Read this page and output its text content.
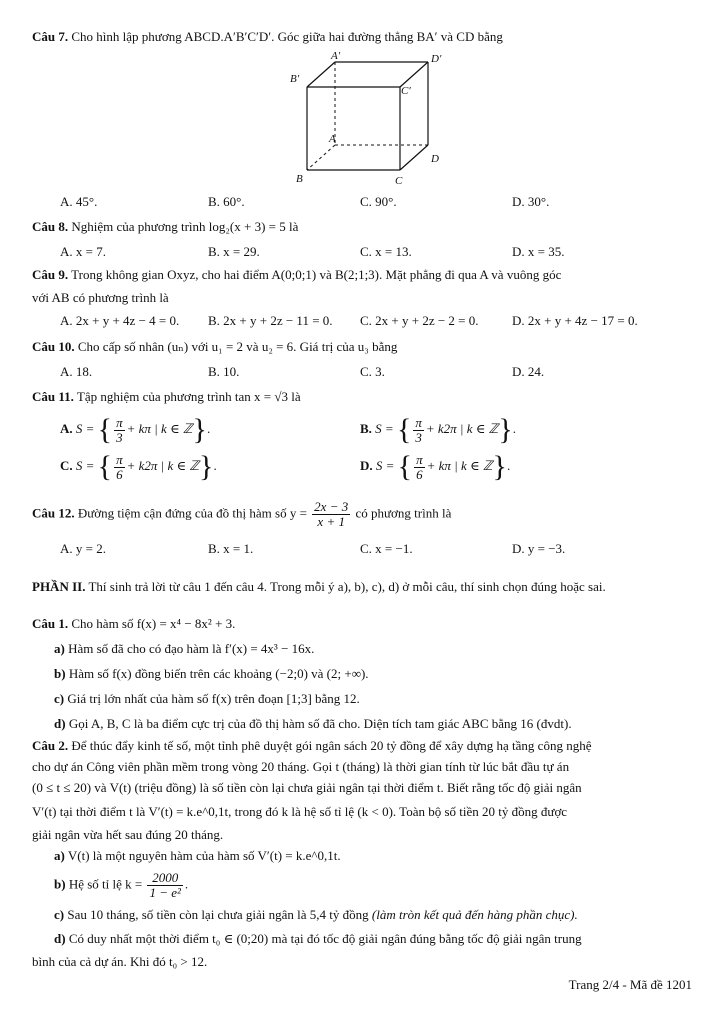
Câu 7. Cho hình lập phương ABCD.A′B′C′D′. Góc giữa hai đường thẳng BA′ và CD bằng
A′	D′
B′
C′
A
D
B	C
A. 45°.	B. 60°.	C. 90°.	D. 30°.
Câu 8. Nghiệm của phương trình log₂(x + 3) = 5 là
A. x = 7.	B. x = 29.	C. x = 13.	D. x = 35.
Câu 9. Trong không gian Oxyz, cho hai điểm A(0;0;1) và B(2;1;3). Mặt phẳng đi qua A và vuông góc
với AB có phương trình là
A. 2x + y + 4z − 4 = 0. B. 2x + y + 2z − 11 = 0. C. 2x + y + 2z − 2 = 0.	D. 2x + y + 4z − 17 = 0.
Câu 10. Cho cấp số nhân (uₙ) với u₁ = 2 và u₂ = 6. Giá trị của u₃ bằng
A. 18.	B. 10.	C. 3.	D. 24.
Câu 11. Tập nghiệm của phương trình tan x = √3 là
A. S = { $\frac{\pi}{3} + k\pi$ | k ∈ ℤ}.	B. S = { $\frac{\pi}{3} + k2\pi$ | k ∈ ℤ}.
C. S = { $\frac{\pi}{6} + k2\pi$ | k ∈ ℤ}.	D. S = { $\frac{\pi}{6} + k\pi$ | k ∈ ℤ}.
Câu 12. Đường tiệm cận đứng của đồ thị hàm số $y = \frac{2x - 3}{x + 1}$ có phương trình là
A. y = 2.	B. x = 1.	C. x = −1.	D. y = −3.
PHẦN II. Thí sinh trả lời từ câu 1 đến câu 4. Trong mỗi ý a), b), c), d) ở mỗi câu, thí sinh chọn đúng hoặc sai.
Câu 1. Cho hàm số f(x) = x⁴ − 8x² + 3.
a) Hàm số đã cho có đạo hàm là f′(x) = 4x³ − 16x.
b) Hàm số f(x) đồng biến trên các khoảng (−2;0) và (2; +∞).
c) Giá trị lớn nhất của hàm số f(x) trên đoạn [1;3] bằng 12.
d) Gọi A, B, C là ba điểm cực trị của đồ thị hàm số đã cho. Diện tích tam giác ABC bằng 16 (đvdt).
Câu 2. Để thúc đẩy kinh tế số, một tỉnh phê duyệt gói ngân sách 20 tỷ đồng để xây dựng hạ tầng công nghệ
cho dự án Công viên phần mềm trong vòng 20 tháng. Gọi t (tháng) là thời gian tính từ lúc bắt đầu tự án
(0 ≤ t ≤ 20) và V(t) (triệu đồng) là số tiền còn lại chưa giải ngân tại thời điểm t. Biết rằng tốc độ giải ngân
V′(t) tại thời điểm t là V′(t) = k.e^0,1t, trong đó k là hệ số tỉ lệ (k < 0). Toàn bộ số tiền 20 tỷ đồng được
giải ngân vừa hết sau đúng 20 tháng.
a) V(t) là một nguyên hàm của hàm số V′(t) = k.e^0,1t.
b) Hệ số tỉ lệ $k = \frac{2000}{\text{1 − e²}}$ .
c) Sau 10 tháng, số tiền còn lại chưa giải ngân là 5,4 tỷ đồng (làm tròn kết quả đến hàng phần chục).
d) Có duy nhất một thời điểm t₀ ∈ (0;20) mà tại đó tốc độ giải ngân đúng bằng tốc độ giải ngân trung
bình của cả dự án. Khi đó t₀ > 12.
Trang 2/4 - Mã đề 1201
